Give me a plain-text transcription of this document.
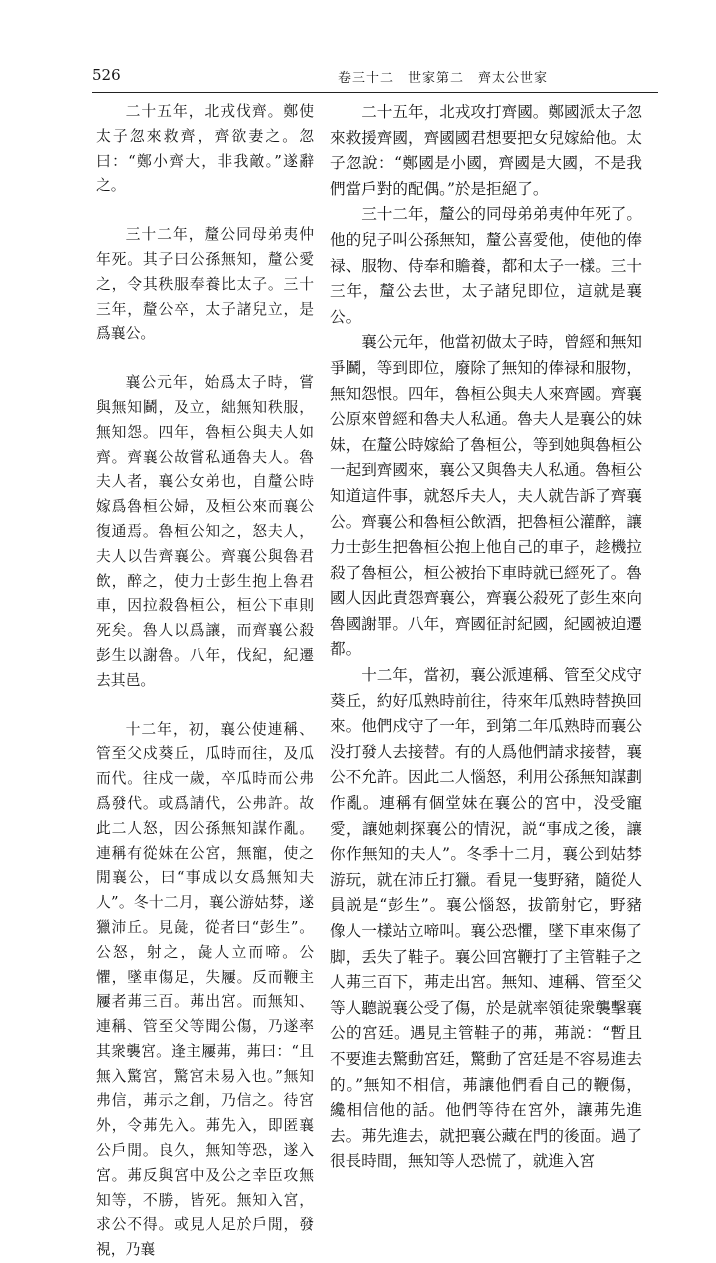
526	卷三十二　世家第二　齊太公世家

二十五年，北戎伐齊。鄭使太子忽來救齊，齊欲妻之。忽曰：“鄭小齊大，非我敵。”遂辭之。

三十二年，釐公同母弟夷仲年死。其子曰公孫無知，釐公愛之，令其秩服奉養比太子。三十三年，釐公卒，太子諸兒立，是爲襄公。

襄公元年，始爲太子時，嘗與無知鬭，及立，絀無知秩服，無知怨。四年，魯桓公與夫人如齊。齊襄公故嘗私通魯夫人。魯夫人者，襄公女弟也，自釐公時嫁爲魯桓公婦，及桓公來而襄公復通焉。魯桓公知之，怒夫人，夫人以告齊襄公。齊襄公與魯君飲，醉之，使力士彭生抱上魯君車，因拉殺魯桓公，桓公下車則死矣。魯人以爲讓，而齊襄公殺彭生以謝魯。八年，伐紀，紀遷去其邑。

十二年，初，襄公使連稱、管至父戍葵丘，瓜時而往，及瓜而代。往戍一歲，卒瓜時而公弗爲發代。或爲請代，公弗許。故此二人怒，因公孫無知謀作亂。連稱有從妹在公宮，無寵，使之閒襄公，曰“事成以女爲無知夫人”。冬十二月，襄公游姑棼，遂獵沛丘。見彘，從者曰“彭生”。公怒，射之，彘人立而啼。公懼，墜車傷足，失屨。反而鞭主屨者茀三百。茀出宮。而無知、連稱、管至父等聞公傷，乃遂率其衆襲宮。逢主屨茀，茀曰：“且無入驚宮，驚宮未易入也。”無知弗信，茀示之創，乃信之。待宮外，令茀先入。茀先入，即匿襄公戶閒。良久，無知等恐，遂入宮。茀反與宮中及公之幸臣攻無知等，不勝，皆死。無知入宮，求公不得。或見人足於戶閒，發視，乃襄

二十五年，北戎攻打齊國。鄭國派太子忽來救援齊國，齊國國君想要把女兒嫁給他。太子忽說：“鄭國是小國，齊國是大國，不是我們當戶對的配偶。”於是拒絕了。

三十二年，釐公的同母弟弟夷仲年死了。他的兒子叫公孫無知，釐公喜愛他，使他的俸禄、服物、侍奉和贍養，都和太子一樣。三十三年，釐公去世，太子諸兒即位，這就是襄公。

襄公元年，他當初做太子時，曾經和無知爭鬭，等到即位，廢除了無知的俸禄和服物，無知怨恨。四年，魯桓公與夫人來齊國。齊襄公原來曾經和魯夫人私通。魯夫人是襄公的妹妹，在釐公時嫁給了魯桓公，等到她與魯桓公一起到齊國來，襄公又與魯夫人私通。魯桓公知道這件事，就怒斥夫人，夫人就告訴了齊襄公。齊襄公和魯桓公飲酒，把魯桓公灌醉，讓力士彭生把魯桓公抱上他自己的車子，趁機拉殺了魯桓公，桓公被抬下車時就已經死了。魯國人因此責怨齊襄公，齊襄公殺死了彭生來向魯國謝罪。八年，齊國征討紀國，紀國被迫遷都。

十二年，當初，襄公派連稱、管至父戍守葵丘，約好瓜熟時前往，待來年瓜熟時替换回來。他們戍守了一年，到第二年瓜熟時而襄公没打發人去接替。有的人爲他們請求接替，襄公不允許。因此二人惱怒，利用公孫無知謀劃作亂。連稱有個堂妹在襄公的宮中，没受寵愛，讓她刺探襄公的情況，説“事成之後，讓你作無知的夫人”。冬季十二月，襄公到姑棼游玩，就在沛丘打獵。看見一隻野豬，隨從人員説是“彭生”。襄公惱怒，拔箭射它，野豬像人一樣站立啼叫。襄公恐懼，墜下車來傷了脚，丢失了鞋子。襄公回宮鞭打了主管鞋子之人茀三百下，茀走出宮。無知、連稱、管至父等人聽説襄公受了傷，於是就率領徒衆襲擊襄公的宮廷。遇見主管鞋子的茀，茀説：“暫且不要進去驚動宮廷，驚動了宮廷是不容易進去的。”無知不相信，茀讓他們看自己的鞭傷，纔相信他的話。他們等待在宮外，讓茀先進去。茀先進去，就把襄公藏在門的後面。過了很長時間，無知等人恐慌了，就進入宮
